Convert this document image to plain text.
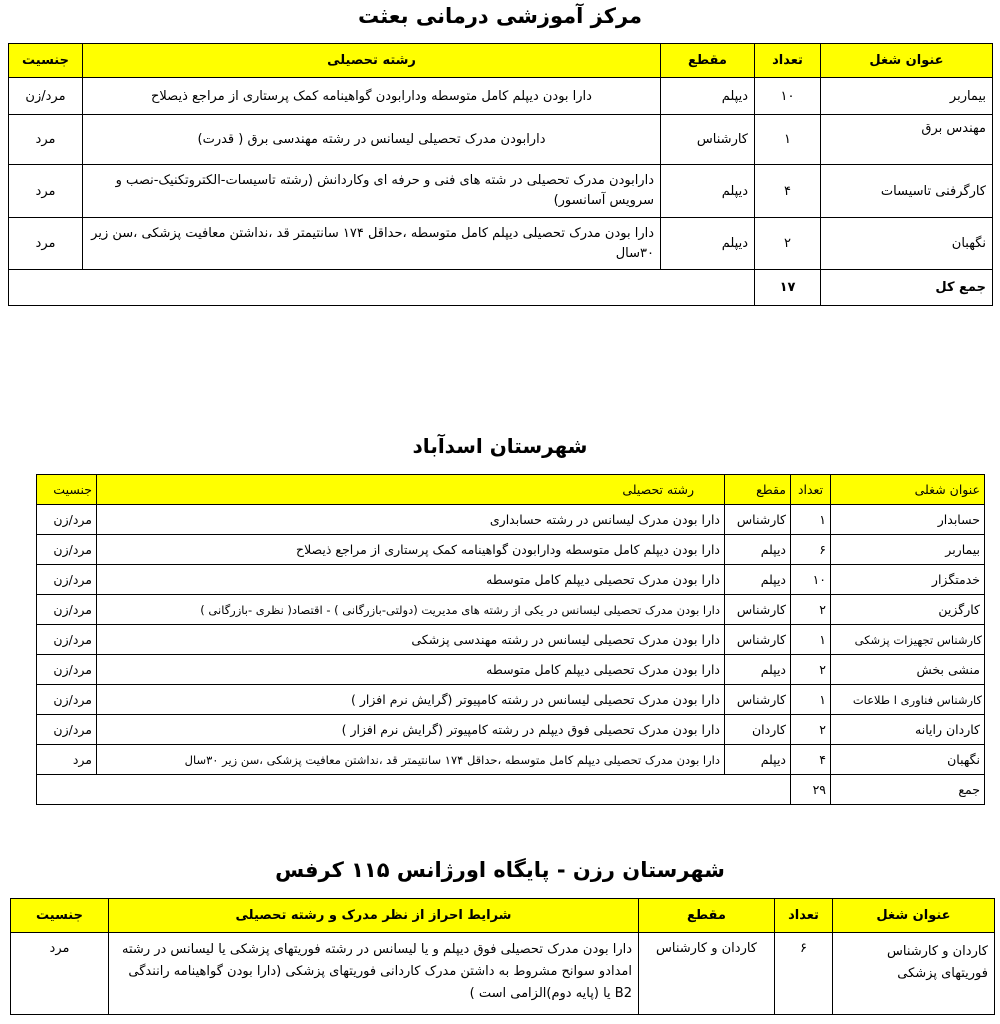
مرکز آموزشی درمانی بعثت
عنوان شغل	تعداد	مقطع	رشته تحصیلی	جنسیت
بیماربر	۱۰	دیپلم	دارا بودن دیپلم کامل متوسطه ودارابودن گواهینامه کمک پرستاری از مراجع ذیصلاح	مرد/زن
مهندس برق	۱	کارشناس	دارابودن مدرک تحصیلی لیسانس در رشته مهندسی برق ( قدرت)	مرد
کارگرفنی تاسیسات	۴	دیپلم	دارابودن مدرک تحصیلی در شته های فنی و حرفه ای وکاردانش (رشته تاسیسات-الکتروتکنیک-نصب و سرویس آسانسور)	مرد
نگهبان	۲	دیپلم	دارا بودن مدرک تحصیلی دیپلم کامل متوسطه ،حداقل ۱۷۴ سانتیمتر قد ،نداشتن معافیت پزشکی ،سن زیر ۳۰سال	مرد
جمع کل	۱۷			
شهرستان اسدآباد
عنوان شغلی	تعداد	مقطع	رشته تحصیلی	جنسیت
حسابدار	۱	کارشناس	دارا بودن مدرک لیسانس در رشته حسابداری	مرد/زن
بیماربر	۶	دیپلم	دارا بودن دیپلم کامل متوسطه ودارابودن گواهینامه کمک پرستاری از مراجع ذیصلاح	مرد/زن
خدمتگزار	۱۰	دیپلم	دارا بودن مدرک تحصیلی دیپلم کامل متوسطه	مرد/زن
کارگزین	۲	کارشناس	دارا بودن مدرک تحصیلی لیسانس در یکی از رشته های مدیریت (دولتی-بازرگانی ) - اقتصاد( نظری -بازرگانی )	مرد/زن
کارشناس تجهیزات پزشکی	۱	کارشناس	دارا بودن مدرک تحصیلی لیسانس در رشته مهندسی پزشکی	مرد/زن
منشی بخش	۲	دیپلم	دارا بودن مدرک تحصیلی دیپلم کامل متوسطه	مرد/زن
کارشناس فناوری ا طلاعات	۱	کارشناس	دارا بودن مدرک تحصیلی لیسانس در رشته کامپیوتر (گرایش نرم افزار )	مرد/زن
کاردان رایانه	۲	کاردان	دارا بودن مدرک تحصیلی فوق دیپلم در رشته کامپیوتر (گرایش نرم افزار )	مرد/زن
نگهبان	۴	دیپلم	دارا بودن مدرک تحصیلی دیپلم کامل متوسطه ،حداقل ۱۷۴ سانتیمتر قد ،نداشتن معافیت پزشکی ،سن زیر ۳۰سال	مرد
جمع	۲۹			
شهرستان رزن - پایگاه اورژانس ۱۱۵ کرفس
عنوان شغل	تعداد	مقطع	شرایط احراز از نظر مدرک و رشته تحصیلی	جنسیت
کاردان و کارشناس فوریتهای پزشکی	۶	کاردان و کارشناس	دارا بودن مدرک تحصیلی فوق دیپلم و یا لیسانس در رشته فوریتهای پزشکی یا لیسانس در رشته امدادو سوانح مشروط به داشتن مدرک کاردانی فوریتهای پزشکی (دارا بودن گواهینامه رانندگی B2 یا (پایه دوم)الزامی است )	مرد
